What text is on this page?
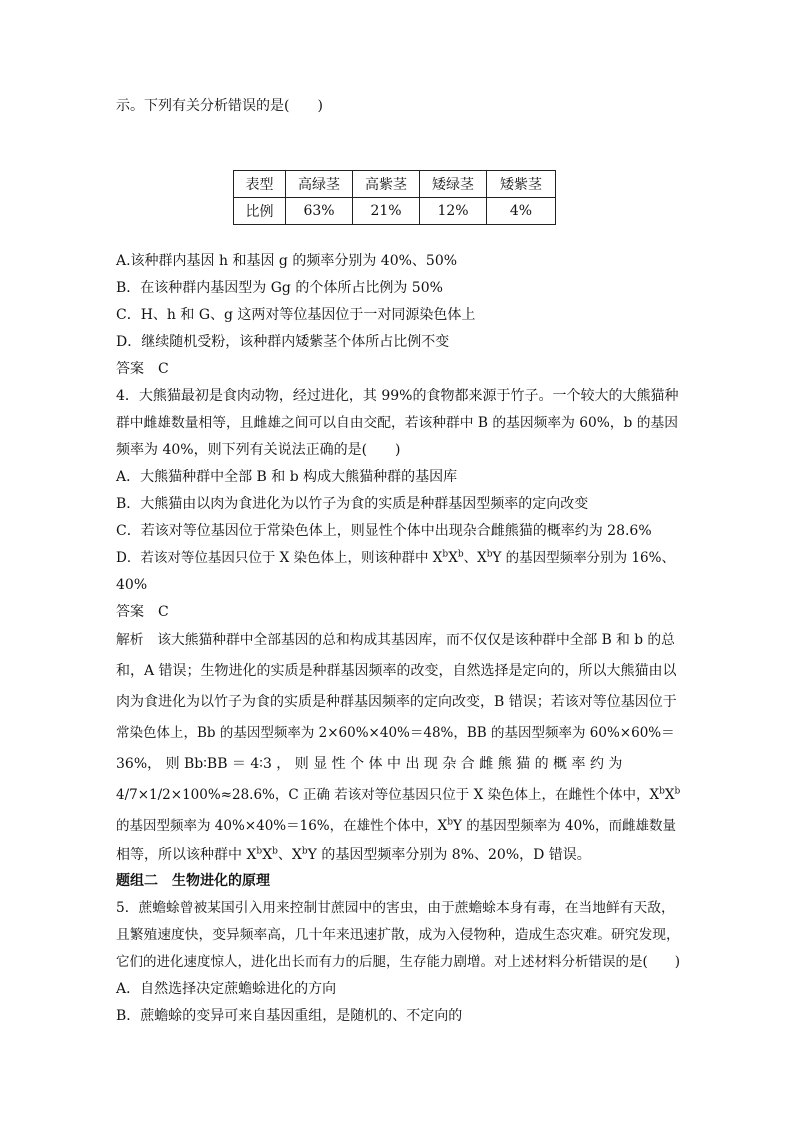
示。下列有关分析错误的是(　　)
表型	高绿茎	高紫茎	矮绿茎	矮紫茎
比例	63%	21%	12%	4%
A.该种群内基因 h 和基因 g 的频率分别为 40%、50%
B．在该种群内基因型为 Gg 的个体所占比例为 50%
C．H、h 和 G、g 这两对等位基因位于一对同源染色体上
D．继续随机受粉，该种群内矮紫茎个体所占比例不变
答案　C
4．大熊猫最初是食肉动物，经过进化，其 99%的食物都来源于竹子。一个较大的大熊猫种
群中雌雄数量相等，且雌雄之间可以自由交配，若该种群中 B 的基因频率为 60%，b 的基因
频率为 40%，则下列有关说法正确的是(　　)
A．大熊猫种群中全部 B 和 b 构成大熊猫种群的基因库
B．大熊猫由以肉为食进化为以竹子为食的实质是种群基因型频率的定向改变
C．若该对等位基因位于常染色体上，则显性个体中出现杂合雌熊猫的概率约为 28.6%
D．若该对等位基因只位于 X 染色体上，则该种群中 $X^bX^b$、$X^bY$ 的基因型频率分别为 16%、
40%
答案　C
解析　该大熊猫种群中全部基因的总和构成其基因库，而不仅仅是该种群中全部 B 和 b 的总
和，A 错误；生物进化的实质是种群基因频率的改变，自然选择是定向的，所以大熊猫由以
肉为食进化为以竹子为食的实质是种群基因频率的定向改变，B 错误；若该对等位基因位于
常染色体上，Bb 的基因型频率为 2×60%×40%＝48%，BB 的基因型频率为 60%×60%＝
36%， 则 Bb∶BB ＝ 4∶3 ， 则 显 性 个 体 中 出 现 杂 合 雌 熊 猫 的 概 率 约 为
4/7×1/2×100%≈28.6%，C 正确 若该对等位基因只位于 X 染色体上，在雌性个体中，$X^bX^b$
的基因型频率为 40%×40%＝16%，在雄性个体中，$X^bY$ 的基因型频率为 40%，而雌雄数量
相等，所以该种群中 $X^bX^b$、$X^bY$ 的基因型频率分别为 8%、20%，D 错误。
题组二　生物进化的原理
5．蔗蟾蜍曾被某国引入用来控制甘蔗园中的害虫，由于蔗蟾蜍本身有毒，在当地鲜有天敌，
且繁殖速度快，变异频率高，几十年来迅速扩散，成为入侵物种，造成生态灾难。研究发现，
它们的进化速度惊人，进化出长而有力的后腿，生存能力剧增。对上述材料分析错误的是(　　)
A．自然选择决定蔗蟾蜍进化的方向
B．蔗蟾蜍的变异可来自基因重组，是随机的、不定向的
